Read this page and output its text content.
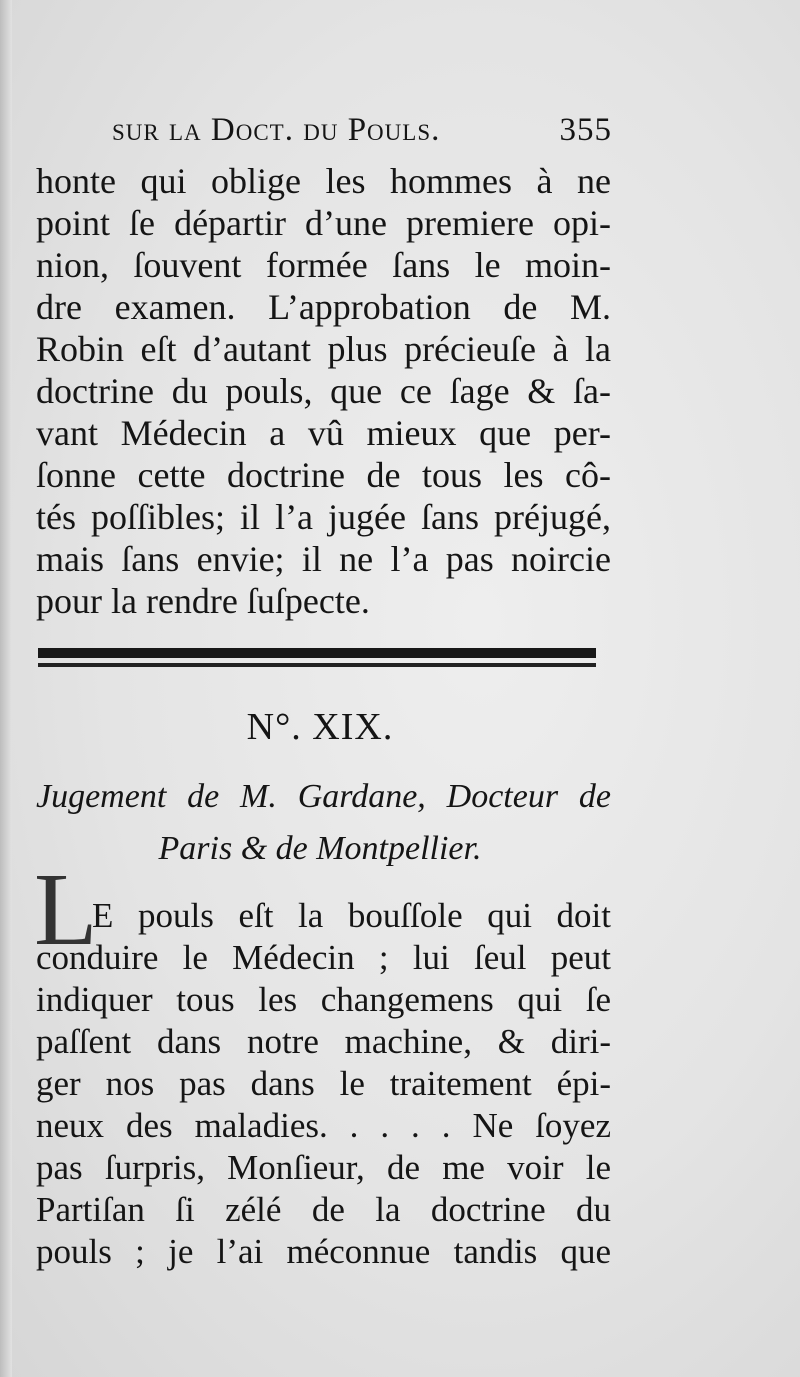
sur la Doct. du Pouls.	355
honte qui oblige les hommes à ne
point ſe départir d’une premiere opi-
nion, ſouvent formée ſans le moin-
dre examen. L’approbation de M.
Robin eſt d’autant plus précieuſe à la
doctrine du pouls, que ce ſage & ſa-
vant Médecin a vû mieux que per-
ſonne cette doctrine de tous les cô-
tés poſſibles; il l’a jugée ſans préjugé,
mais ſans envie; il ne l’a pas noircie
pour la rendre ſuſpecte.
N°. XIX.
Jugement de M. Gardane, Docteur de
Paris & de Montpellier.
L
E pouls eſt la bouſſole qui doit
conduire le Médecin ; lui ſeul peut
indiquer tous les changemens qui ſe
paſſent dans notre machine, & diri-
ger nos pas dans le traitement épi-
neux des maladies. . . . . Ne ſoyez
pas ſurpris, Monſieur, de me voir le
Partiſan ſi zélé de la doctrine du
pouls ; je l’ai méconnue tandis que
